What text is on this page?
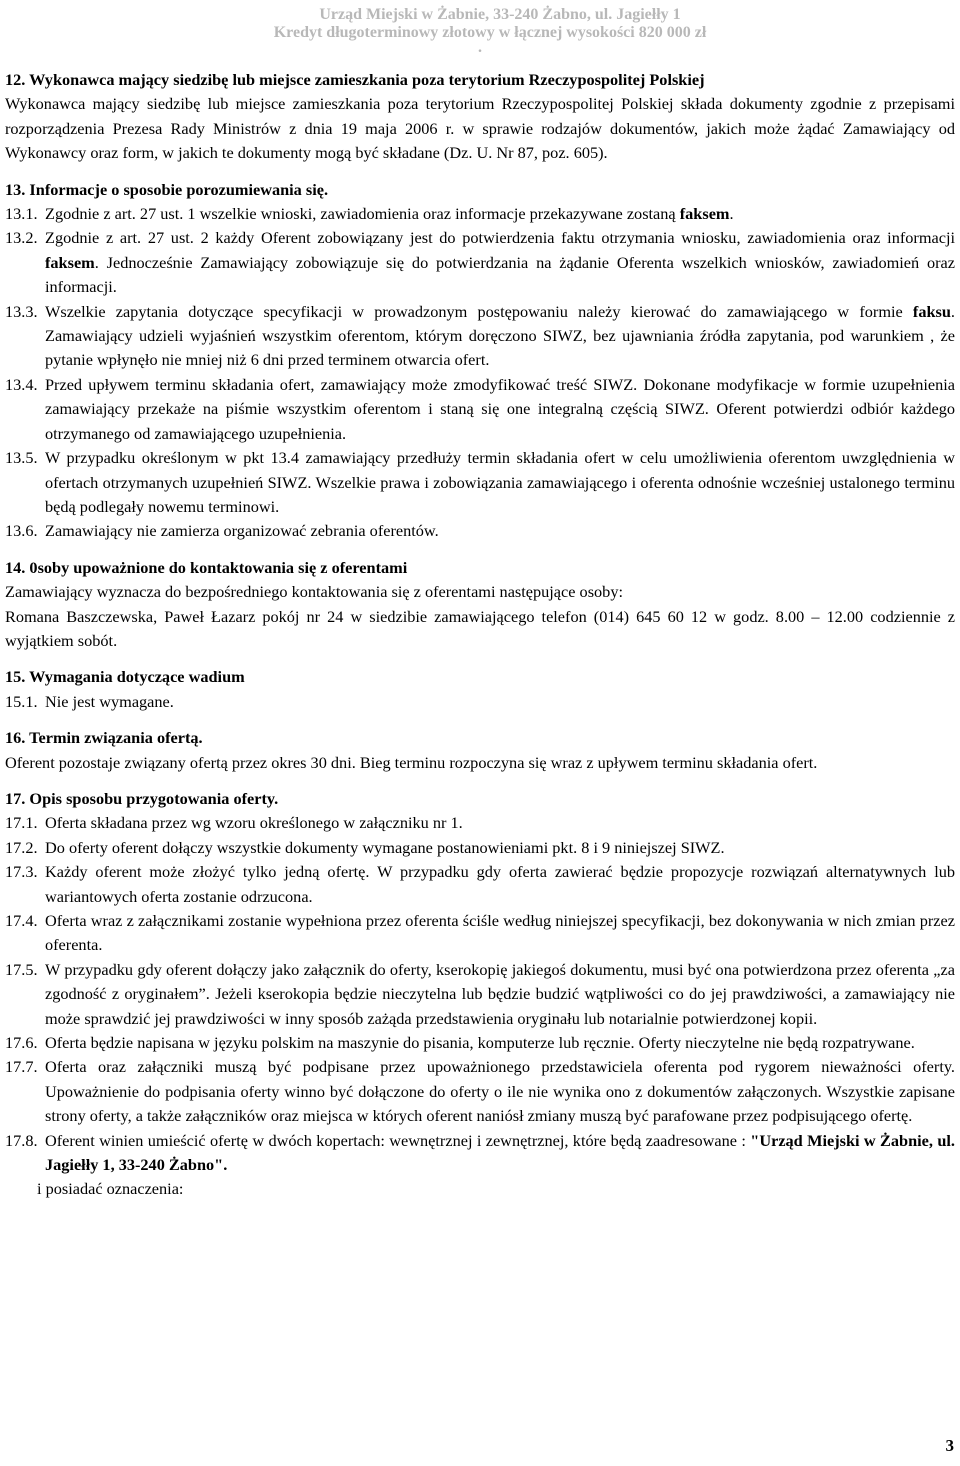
Urząd Miejski w Żabnie, 33-240 Żabno, ul. Jagiełły 1
Kredyt długoterminowy złotowy w łącznej wysokości 820 000 zł
.
12. Wykonawca mający siedzibę lub miejsce zamieszkania poza terytorium Rzeczypospolitej Polskiej
Wykonawca mający siedzibę lub miejsce zamieszkania poza terytorium Rzeczypospolitej Polskiej składa dokumenty zgodnie z przepisami rozporządzenia Prezesa Rady Ministrów z dnia 19 maja 2006 r. w sprawie rodzajów dokumentów, jakich może żądać Zamawiający od Wykonawcy oraz form, w jakich te dokumenty mogą być składane (Dz. U. Nr 87, poz. 605).
13. Informacje o sposobie porozumiewania się.
13.1. Zgodnie z art. 27 ust. 1 wszelkie wnioski, zawiadomienia oraz informacje przekazywane zostaną faksem.
13.2. Zgodnie z art. 27 ust. 2 każdy Oferent zobowiązany jest do potwierdzenia faktu otrzymania wniosku, zawiadomienia oraz informacji faksem. Jednocześnie Zamawiający zobowiązuje się do potwierdzania na żądanie Oferenta wszelkich wniosków, zawiadomień oraz informacji.
13.3. Wszelkie zapytania dotyczące specyfikacji w prowadzonym postępowaniu należy kierować do zamawiającego w formie faksu. Zamawiający udzieli wyjaśnień wszystkim oferentom, którym doręczono SIWZ, bez ujawniania źródła zapytania, pod warunkiem , że pytanie wpłynęło nie mniej niż 6 dni przed terminem otwarcia ofert.
13.4. Przed upływem terminu składania ofert, zamawiający może zmodyfikować treść SIWZ. Dokonane modyfikacje w formie uzupełnienia zamawiający przekaże na piśmie wszystkim oferentom i staną się one integralną częścią SIWZ. Oferent potwierdzi odbiór każdego otrzymanego od zamawiającego uzupełnienia.
13.5. W przypadku określonym w pkt 13.4 zamawiający przedłuży termin składania ofert w celu umożliwienia oferentom uwzględnienia w ofertach otrzymanych uzupełnień SIWZ. Wszelkie prawa i zobowiązania zamawiającego i oferenta odnośnie wcześniej ustalonego terminu będą podlegały nowemu terminowi.
13.6. Zamawiający nie zamierza organizować zebrania oferentów.
14. 0soby upoważnione do kontaktowania się z oferentami
Zamawiający wyznacza do bezpośredniego kontaktowania się z oferentami następujące osoby:
Romana Baszczewska, Paweł Łazarz pokój nr 24 w siedzibie zamawiającego telefon (014) 645 60 12 w godz. 8.00 – 12.00 codziennie z wyjątkiem sobót.
15. Wymagania dotyczące wadium
15.1. Nie jest wymagane.
16. Termin związania ofertą.
Oferent pozostaje związany ofertą przez okres 30 dni. Bieg terminu rozpoczyna się wraz z upływem terminu składania ofert.
17. Opis sposobu przygotowania oferty.
17.1. Oferta składana przez wg wzoru określonego w załączniku nr 1.
17.2. Do oferty oferent dołączy wszystkie dokumenty wymagane postanowieniami pkt. 8 i 9 niniejszej SIWZ.
17.3. Każdy oferent może złożyć tylko jedną ofertę. W przypadku gdy oferta zawierać będzie propozycje rozwiązań alternatywnych lub wariantowych oferta zostanie odrzucona.
17.4. Oferta wraz z załącznikami zostanie wypełniona przez oferenta ściśle według niniejszej specyfikacji, bez dokonywania w nich zmian przez oferenta.
17.5. W przypadku gdy oferent dołączy jako załącznik do oferty, kserokopię jakiegoś dokumentu, musi być ona potwierdzona przez oferenta „za zgodność z oryginałem”. Jeżeli kserokopia będzie nieczytelna lub będzie budzić wątpliwości co do jej prawdziwości, a zamawiający nie może sprawdzić jej prawdziwości w inny sposób zażąda przedstawienia oryginału lub notarialnie potwierdzonej kopii.
17.6. Oferta będzie napisana w języku polskim na maszynie do pisania, komputerze lub ręcznie. Oferty nieczytelne nie będą rozpatrywane.
17.7. Oferta oraz załączniki muszą być podpisane przez upoważnionego przedstawiciela oferenta pod rygorem nieważności oferty. Upoważnienie do podpisania oferty winno być dołączone do oferty o ile nie wynika ono z dokumentów załączonych. Wszystkie zapisane strony oferty, a także załączników oraz miejsca w których oferent naniósł zmiany muszą być parafowane przez podpisującego ofertę.
17.8. Oferent winien umieścić ofertę w dwóch kopertach: wewnętrznej i zewnętrznej, które będą zaadresowane : "Urząd Miejski w Żabnie, ul. Jagiełły 1, 33-240 Żabno".
i posiadać oznaczenia:
3
